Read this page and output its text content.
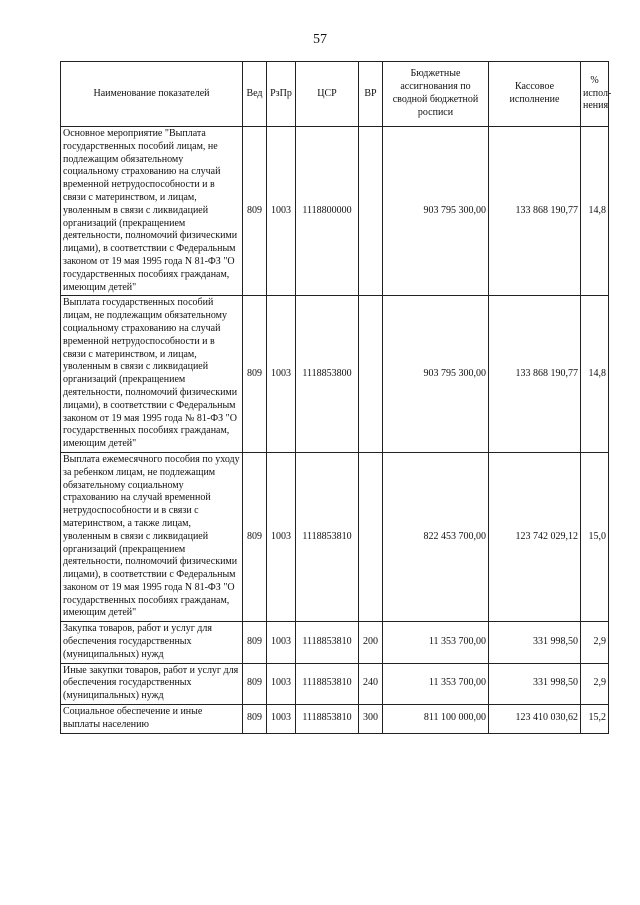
57
Наименование показателей	Вед	РзПр	ЦСР	ВР	Бюджетные ассигнования по сводной бюджетной росписи	Кассовое исполнение	% испол-нения
Основное мероприятие "Выплата государственных пособий лицам, не подлежащим обязательному социальному страхованию на случай временной нетрудоспособности и в связи с материнством, и лицам, уволенным в связи с ликвидацией организаций (прекращением деятельности, полномочий физическими лицами), в соответствии с Федеральным законом от 19 мая 1995 года N 81-ФЗ "О государственных пособиях гражданам, имеющим детей"	809	1003	1118800000		903 795 300,00	133 868 190,77	14,8
Выплата государственных пособий лицам, не подлежащим обязательному социальному страхованию на случай временной нетрудоспособности и в связи с материнством, и лицам, уволенным в связи с ликвидацией организаций (прекращением деятельности, полномочий физическими лицами), в соответствии с Федеральным законом от 19 мая 1995 года № 81-ФЗ "О государственных пособиях гражданам, имеющим детей"	809	1003	1118853800		903 795 300,00	133 868 190,77	14,8
Выплата ежемесячного пособия по уходу за ребенком лицам, не подлежащим обязательному социальному страхованию на случай временной нетрудоспособности и в связи с материнством, а также лицам, уволенным в связи с ликвидацией организаций (прекращением деятельности, полномочий физическими лицами), в соответствии с Федеральным законом от 19 мая 1995 года N 81-ФЗ "О государственных пособиях гражданам, имеющим детей"	809	1003	1118853810		822 453 700,00	123 742 029,12	15,0
Закупка товаров, работ и услуг для обеспечения государственных (муниципальных) нужд	809	1003	1118853810	200	11 353 700,00	331 998,50	2,9
Иные закупки товаров, работ и услуг для обеспечения государственных (муниципальных) нужд	809	1003	1118853810	240	11 353 700,00	331 998,50	2,9
Социальное обеспечение и иные выплаты населению	809	1003	1118853810	300	811 100 000,00	123 410 030,62	15,2
